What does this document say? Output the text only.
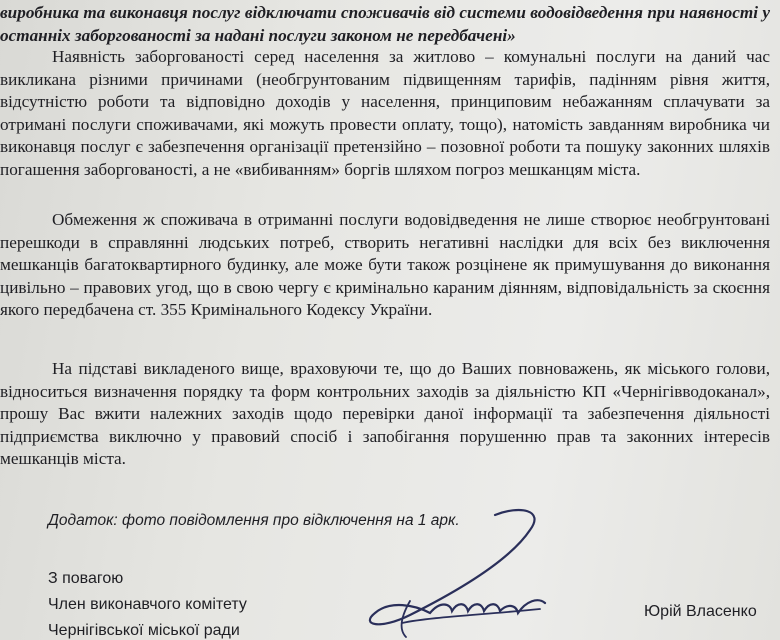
виробника та виконавця послуг відключати споживачів від системи водовідведення при наявності у останніх заборгованості за надані послуги законом не передбачені»

Наявність заборгованості серед населення за житлово – комунальні послуги на даний час викликана різними причинами (необгрунтованим підвищенням тарифів, падінням рівня життя, відсутністю роботи та відповідно доходів у населення, принциповим небажанням сплачувати за отримані послуги споживачами, які можуть провести оплату, тощо), натомість завданням виробника чи виконавця послуг є забезпечення організації претензійно – позовної роботи та пошуку законних шляхів погашення заборгованості, а не «вибиванням» боргів шляхом погроз мешканцям міста.

Обмеження ж споживача в отриманні послуги водовідведення не лише створює необгрунтовані перешкоди в справлянні людських потреб, створить негативні наслідки для всіх без виключення мешканців багатоквартирного будинку, але може бути також розцінене як примушування до виконання цивільно – правових угод, що в свою чергу є кримінально караним діянням, відповідальність за скоєння якого передбачена ст. 355 Кримінального Кодексу України.

На підставі викладеного вище, враховуючи те, що до Ваших повноважень, як міського голови, відноситься визначення порядку та форм контрольних заходів за діяльністю КП «Чернігівводоканал», прошу Вас вжити належних заходів щодо перевірки даної інформації та забезпечення діяльності підприємства виключно у правовий спосіб і запобігання порушенню прав та законних інтересів мешканців міста.

Додаток: фото повідомлення про відключення на 1 арк.
З повагою
Член виконавчого комітету
Чернігівської міської ради
Юрій Власенко
